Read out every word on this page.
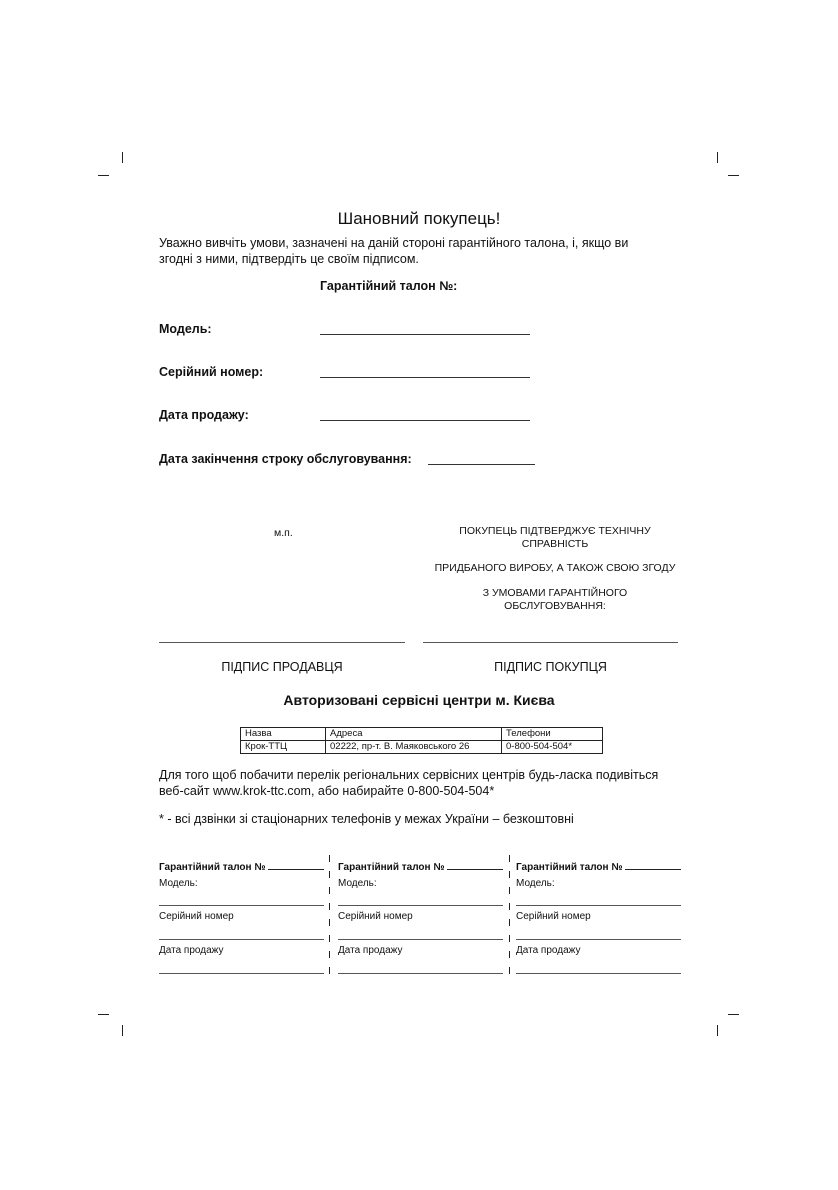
Шановний покупець!
Уважно вивчіть умови, зазначені на даній стороні гарантійного талона, і, якщо ви
згодні з ними, підтвердіть це своїм підписом.
Гарантійний талон №:
Модель:
Серійний номер:
Дата продажу:
Дата закінчення строку обслуговування:
м.п.	ПОКУПЕЦЬ ПІДТВЕРДЖУЄ ТЕХНІЧНУ
СПРАВНІСТЬ
ПРИДБАНОГО ВИРОБУ, А ТАКОЖ СВОЮ ЗГОДУ
З УМОВАМИ ГАРАНТІЙНОГО
ОБСЛУГОВУВАННЯ:
ПІДПИС ПРОДАВЦЯ	ПІДПИС ПОКУПЦЯ
Авторизовані сервісні центри м. Києва
Назва	Адреса	Телефони
Крок-ТТЦ	02222, пр-т. В. Маяковського 26	0-800-504-504*
Для того щоб побачити перелік регіональних сервісних центрів будь-ласка подивіться
веб-сайт www.krok-ttc.com, або набирайте 0-800-504-504*
* - всі дзвінки зі стаціонарних телефонів у межах України – безкоштовні
Гарантійний талон №
Модель:
Серійний номер
Дата продажу
Гарантійний талон №
Модель:
Серійний номер
Дата продажу
Гарантійний талон №
Модель:
Серійний номер
Дата продажу
